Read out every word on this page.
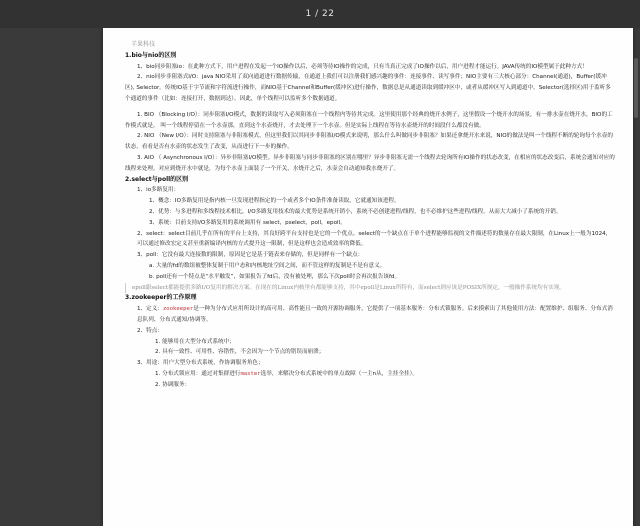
1 / 22
羊果科技
1.bio与nio的区别
1、bio同步阻塞io：在此种方式下，用户进程在发起一个IO操作以后，必须等待IO操作的完成，只有当真正完成了IO操作以后，用户进程才能运行。JAVA传统的IO模型属于此种方式！
2、nio同步非阻塞式I/O：java NIO采用了双向通道进行数据传输，在通道上我们可以注册我们感兴趣的事件：连接事件、读写事件；NIO主要有三大核心部分：Channel(通道)，Buffer(缓冲区), Selector。传统IO基于字节流和字符流进行操作，而NIO基于Channel和Buffer(缓冲区)进行操作，数据总是从通道读取到缓冲区中，或者从缓冲区写入到通道中。Selector(选择区)用于监听多个通道的事件（比如：连接打开，数据到达）。因此，单个线程可以监听多个数据通道。
1. BIO （Blocking I/O）：同步阻塞I/O模式，数据的读取写入必须阻塞在一个线程内等待其完成。这里使用那个经典的烧开水例子，这里假设一个烧开水的场景，有一排水壶在烧开水，BIO的工作模式就是， 叫一个线程停留在一个水壶那，直到这个水壶烧开，才去处理下一个水壶。但是实际上线程在等待水壶烧开的时间段什么都没有做。
2. NIO （New I/O）：同时支持阻塞与非阻塞模式，但这里我们以其同步非阻塞I/O模式来说明，那么什么叫做同步非阻塞？如果还拿烧开水来说，NIO的做法是叫一个线程不断的轮询每个水壶的状态，看看是否有水壶的状态发生了改变，从而进行下一步的操作。
3. AIO （ Asynchronous I/O）：异步非阻塞I/O模型。异步非阻塞与同步非阻塞的区别在哪里？异步非阻塞无需一个线程去轮询所有IO操作的状态改变，在相应的状态改变后，系统会通知对应的线程来处理。对应到烧开水中就是，为每个水壶上面装了一个开关，水烧开之后，水壶会自动通知我水烧开了。
2.select与poll的区别
1、io多路复用：
1、概念：IO多路复用是指内核一旦发现进程指定的一个或者多个IO条件准备读取，它就通知该进程。
2、优势：与多进程和多线程技术相比，I/O多路复用技术的最大优势是系统开销小，系统不必创建进程/线程，也不必维护这些进程/线程，从而大大减小了系统的开销。
3、系统：目前支持I/O多路复用的系统调用有 select，pselect，poll，epoll。
2、select：select目前几乎在所有的平台上支持，其良好跨平台支持也是它的一个优点。select的一个缺点在于单个进程能够监视的文件描述符的数量存在最大限制，在Linux上一般为1024，可以通过修改宏定义甚至重新编译内核的方式提升这一限制，但是这样也会造成效率的降低。
3、poll：它没有最大连接数的限制，原因是它是基于链表来存储的，但是同样有一个缺点：
a. 大量的fd的数组被整体复制于用户态和内核地址空间之间，而不管这样的复制是不是有意义。
b. poll还有一个特点是“水平触发”，如果报告了fd后，没有被处理，那么下次poll时会再次报告该fd。
epoll跟select都能提供多路I/O复用的解决方案。在现在的Linux内核里有都能够支持，其中epoll是Linux所特有，而select则应该是POSIX所规定，一般操作系统均有实现。
3.zookeeper的工作原理
1、定义：zookeeper是一种为分布式应用所设计的高可用、高性能且一致的开源协调服务，它提供了一项基本服务：分布式锁服务。后来摸索出了其他使用方法：配置维护、组服务、分布式消息队列、分布式通知/协调等。
2、特点：
1. 能够用在大型分布式系统中；
2. 具有一致性、可用性、容错性，不会因为一个节点的错误而崩溃；
3、用途：用户大型分布式系统，作协调服务角色；
1. 分布式锁应用：通过对集群进行master选举，来解决分布式系统中的单点故障（一主n从，主挂全挂）。
2. 协调服务：
